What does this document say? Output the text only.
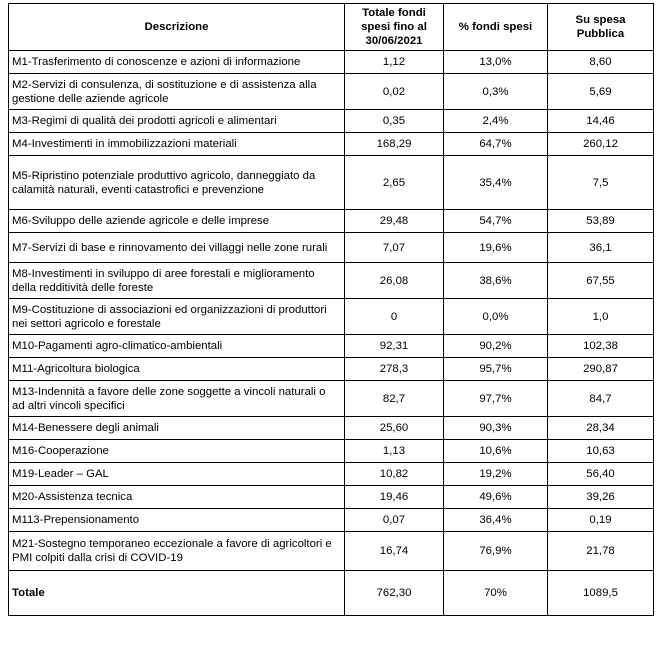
Descrizione	Totale fondi spesi fino al 30/06/2021	% fondi spesi	Su spesa Pubblica
M1-Trasferimento di conoscenze e azioni di informazione	1,12	13,0%	8,60
M2-Servizi di consulenza, di sostituzione e di assistenza alla gestione delle aziende agricole	0,02	0,3%	5,69
M3-Regimi di qualità dei prodotti agricoli e alimentari	0,35	2,4%	14,46
M4-Investimenti in immobilizzazioni materiali	168,29	64,7%	260,12
M5-Ripristino potenziale produttivo agricolo, danneggiato da calamità naturali, eventi catastrofici e prevenzione	2,65	35,4%	7,5
M6-Sviluppo delle aziende agricole e delle imprese	29,48	54,7%	53,89
M7-Servizi di base e rinnovamento dei villaggi nelle zone rurali	7,07	19,6%	36,1
M8-Investimenti in sviluppo di aree forestali e miglioramento della redditività delle foreste	26,08	38,6%	67,55
M9-Costituzione di associazioni ed organizzazioni di produttori nei settori agricolo e forestale	0	0,0%	1,0
M10-Pagamenti agro-climatico-ambientali	92,31	90,2%	102,38
M11-Agricoltura biologica	278,3	95,7%	290,87
M13-Indennità a favore delle zone soggette a vincoli naturali o ad altri vincoli specifici	82,7	97,7%	84,7
M14-Benessere degli animali	25,60	90,3%	28,34
M16-Cooperazione	1,13	10,6%	10,63
M19-Leader – GAL	10,82	19,2%	56,40
M20-Assistenza tecnica	19,46	49,6%	39,26
M113-Prepensionamento	0,07	36,4%	0,19
M21-Sostegno temporaneo eccezionale a favore di agricoltori e PMI colpiti dalla crisi di COVID-19	16,74	76,9%	21,78
Totale	762,30	70%	1089,5
